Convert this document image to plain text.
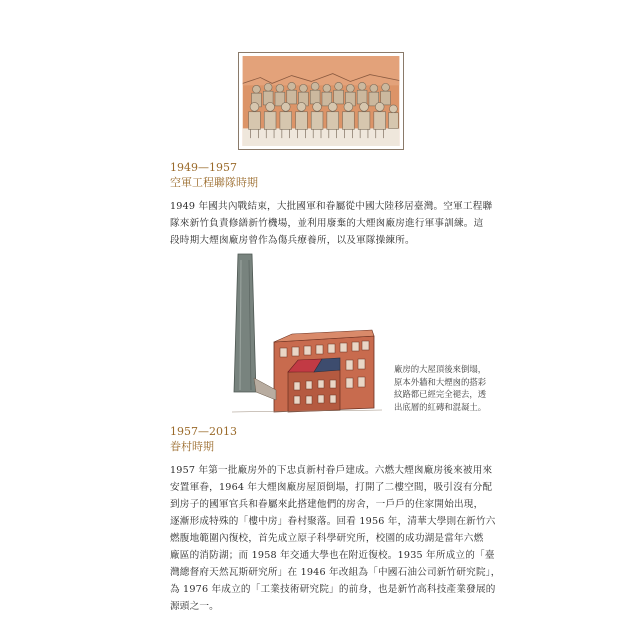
1949—1957
空軍工程聯隊時期
1949 年國共內戰結束，大批國軍和眷屬從中國大陸移居臺灣。空軍工程聯
隊來新竹負責修繕新竹機場，並利用廢棄的大煙囪廠房進行軍事訓練。這
段時期大煙囪廠房曾作為傷兵療養所，以及軍隊操練所。
廠房的大屋頂後來倒塌，
原本外牆和大煙囪的搭彩
紋路都已經完全褪去，透
出底層的紅磚和混凝土。
1957—2013
眷村時期
1957 年第一批廠房外的下忠貞新村眷戶建成。六燃大煙囪廠房後來被用來
安置軍眷，1964 年大煙囪廠房屋頂倒塌，打開了二樓空間，吸引沒有分配
到房子的國軍官兵和眷屬來此搭建他們的房舍，一戶戶的住家開始出現，
逐漸形成特殊的「樓中房」眷村聚落。回看 1956 年，清華大學則在新竹六
燃腹地範圍內復校，首先成立原子科學研究所，校園的成功湖是當年六燃
廠區的消防湖；而 1958 年交通大學也在附近復校。1935 年所成立的「臺
灣總督府天然瓦斯研究所」在 1946 年改組為「中國石油公司新竹研究院」，
為 1976 年成立的「工業技術研究院」的前身，也是新竹高科技產業發展的
源頭之一。
